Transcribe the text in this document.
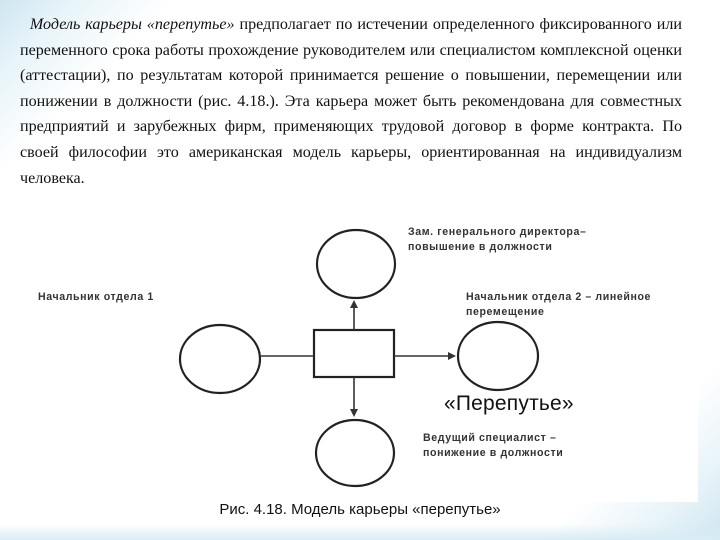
Модель карьеры «перепутье» предполагает по истечении определенного фиксированного или переменного срока работы прохождение руководителем или специалистом комплексной оценки (аттестации), по результатам которой принимается решение о повышении, перемещении или понижении в должности (рис. 4.18.). Эта карьера может быть рекомендована для совместных предприятий и зарубежных фирм, применяющих трудовой договор в форме контракта. По своей философии это американская модель карьеры, ориентированная на индивидуализм человека.
Зам. генерального директора–
повышение в должности
Начальник отдела 1	Начальник отдела 2 – линейное
перемещение
«Перепутье»
Ведущий специалист –
понижение в должности
Рис. 4.18. Модель карьеры «перепутье»
